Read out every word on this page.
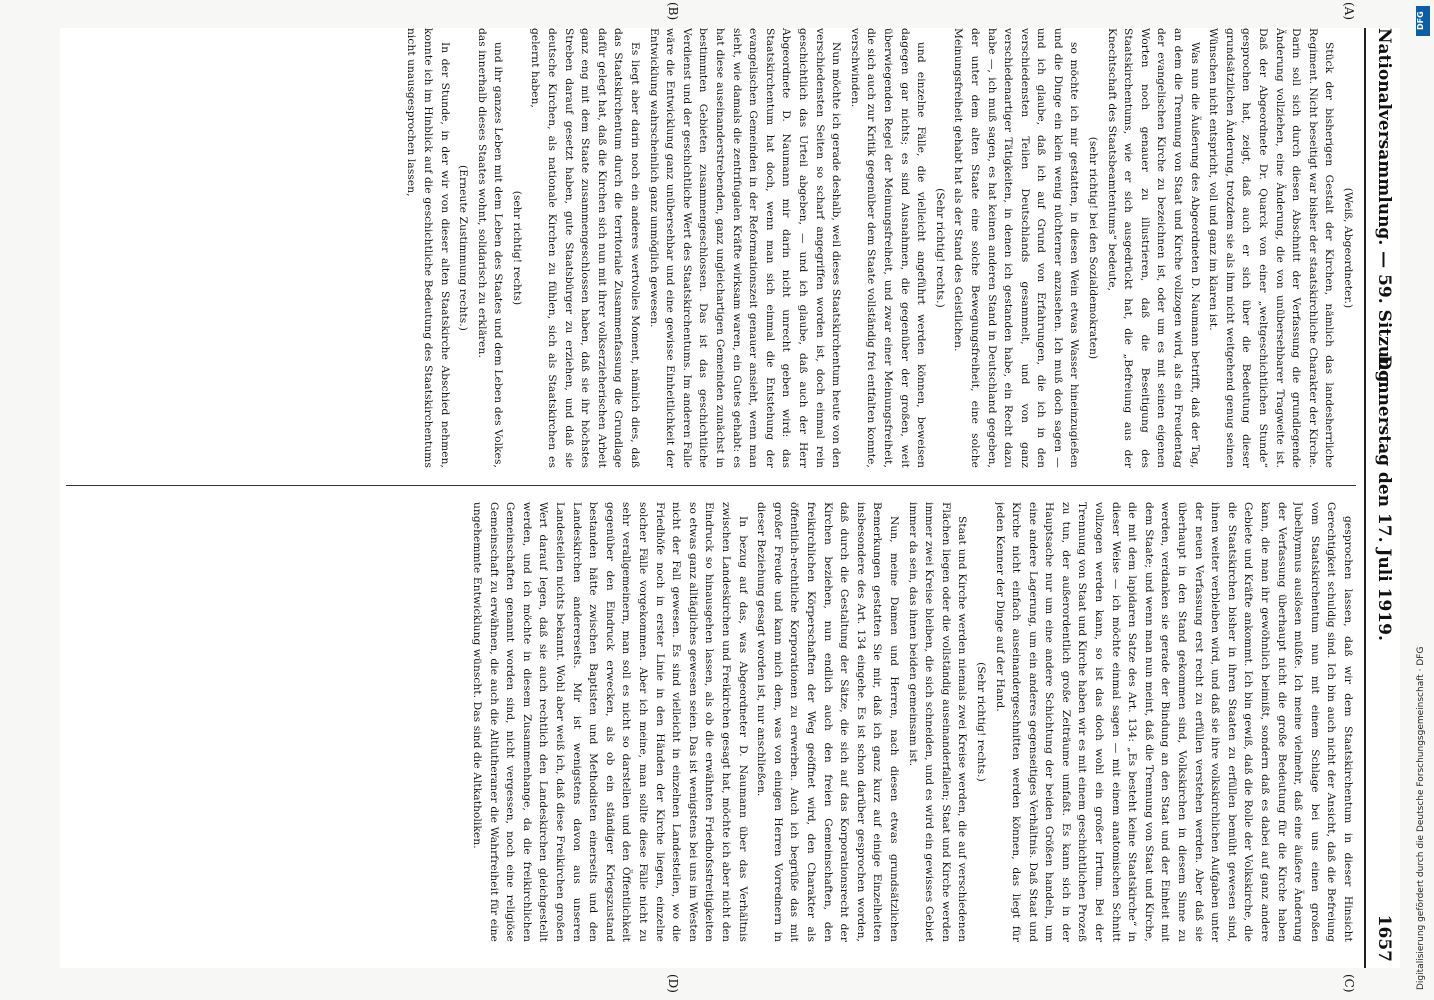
Nationalversammlung. — 59. Sitzung.
Donnerstag den 17. Juli 1919.
1657

(Weiß, Abgeordneter.)

Stück der bisherigen Gestalt der Kirchen, nämlich das landesherrliche Regiment. Nicht beseitigt war bisher der staatskirchliche Charakter der Kirche. Darin soll sich durch diesen Abschnitt der Verfassung die grundlegende Änderung vollziehen, eine Änderung, die von unübersehbarer Tragweite ist. Daß der Abgeordnete Dr. Quarck von einer „weltgeschichtlichen Stunde“ gesprochen hat, zeigt, daß auch er sich über die Bedeutung dieser grundsätzlichen Änderung, trotzdem sie als ihm nicht weitgehend genug seinen Wünschen nicht entspricht, voll und ganz im klaren ist.

Was nun die Äußerung des Abgeordneten D. Naumann betrifft, daß der Tag, an dem die Trennung von Staat und Kirche vollzogen wird, als ein Freudentag der evangelischen Kirche zu bezeichnen ist, oder um es mit seinen eigenen Worten noch genauer zu illustrieren, daß die Beseitigung des Staatskirchentums, wie er sich ausgedrückt hat, die „Befreiung aus der Knechtschaft des Staatsbeamtentums“ bedeute,

(sehr richtig! bei den Sozialdemokraten)

so möchte ich mir gestatten, in diesen Wein etwas Wasser hineinzugießen und die Dinge ein klein wenig nüchterner anzusehen. Ich muß doch sagen — und ich glaube, daß ich auf Grund von Erfahrungen, die ich in den verschiedensten Teilen Deutschlands gesammelt, und von ganz verschiedenartiger Tätigkeiten, in denen ich gestanden habe, ein Recht dazu habe —, ich muß sagen, es hat keinen anderen Stand in Deutschland gegeben, der unter dem alten Staate eine solche Bewegungsfreiheit, eine solche Meinungsfreiheit gehabt hat als der Stand des Geistlichen.

(Sehr richtig! rechts.)

und einzelne Fälle, die vielleicht angeführt werden können, beweisen dagegen gar nichts; es sind Ausnahmen, die gegenüber der großen, weit überwiegenden Regel der Meinungsfreiheit, und zwar einer Meinungsfreiheit, die sich auch zur Kritik gegenüber dem Staate vollständig frei entfalten konnte, verschwinden.

Nun möchte ich gerade deshalb, weil dieses Staatskirchentum heute von den verschiedensten Seiten so scharf angegriffen worden ist, doch einmal rein geschichtlich das Urteil abgeben, — und ich glaube, daß auch der Herr Abgeordnete D. Naumann mir darin nicht unrecht geben wird: das Staatskirchentum hat doch, wenn man sich einmal die Entstehung der evangelischen Gemeinden in der Reformationszeit genauer ansieht, wenn man sieht, wie damals die zentrifugalen Kräfte wirksam waren, ein Gutes gehabt: es hat diese auseinanderstrebenden, ganz ungleichartigen Gemeinden zunächst in bestimmten Gebieten zusammengeschlossen. Das ist das geschichtliche Verdienst und der geschichtliche Wert des Staatskirchentums. Im anderen Falle wäre die Entwicklung ganz unübersehbar und eine gewisse Einheitlichkeit der Entwicklung wahrscheinlich ganz unmöglich gewesen.

Es liegt aber darin noch ein anderes wertvolles Moment, nämlich dies, daß das Staatskirchentum durch die territoriale Zusammenfassung die Grundlage dafür gelegt hat, daß die Kirchen sich nun mit ihrer volkserzieherischen Arbeit ganz eng mit dem Staate zusammengeschlossen haben, daß sie ihr höchstes Streben darauf gesetzt haben, gute Staatsbürger zu erziehen, und daß sie deutsche Kirchen, als nationale Kirchen zu fühlen, sich als Staatskirchen es gelernt haben,

(sehr richtig! rechts)

und ihr ganzes Leben mit dem Leben des Staates und dem Leben des Volkes, das innerhalb dieses Staates wohnt, solidarisch zu erklären.

(Erneute Zustimmung rechts.)

In der Stunde, in der wir von dieser alten Staatskirche Abschied nehmen, konnte ich im Hinblick auf die geschichtliche Bedeutung des Staatskirchentums nicht unausgesprochen lassen,

gesprochen lassen, daß wir dem Staatskirchentum in dieser Hinsicht Gerechtigkeit schuldig sind. Ich bin auch nicht der Ansicht, daß die Befreiung vom Staatskirchentum nun mit einem Schlage bei uns einen großen Jubelhymnus auslösen müßte. Ich meine vielmehr, daß eine äußere Änderung der Verfassung überhaupt nicht die große Bedeutung für die Kirche haben kann, die man ihr gewöhnlich beimißt, sondern daß es dabei auf ganz andere Gebiete und Kräfte ankommt. Ich bin gewiß, daß die Rolle der Volkskirche, die die Staatskirchen bisher in ihren Staaten zu erfüllen bemüht gewesen sind, ihnen weiter verbleiben wird, und daß sie ihre volkskirchlichen Aufgaben unter der neuen Verfassung erst recht zu erfüllen verstehen werden. Aber daß sie überhaupt in den Stand gekommen sind, Volkskirchen in diesem Sinne zu werden, verdanken sie gerade der Bindung an den Staat und der Einheit mit dem Staate; und wenn man nun meint, daß die Trennung von Staat und Kirche, die mit dem lapidaren Satze des Art. 134: „Es besteht keine Staatskirche“ in dieser Weise — ich möchte einmal sagen — mit einem anatomischen Schnitt vollzogen werden kann, so ist das doch wohl ein großer Irrtum. Bei der Trennung von Staat und Kirche haben wir es mit einem geschichtlichen Prozeß zu tun, der außerordentlich große Zeiträume umfaßt. Es kann sich in der Hauptsache nur um eine andere Schichtung der beiden Größen handeln, um eine andere Lagerung, um ein anderes gegenseitiges Verhältnis. Daß Staat und Kirche nicht einfach auseinandergeschnitten werden können, das liegt für jeden Kenner der Dinge auf der Hand.

(Sehr richtig! rechts.)

Staat und Kirche werden niemals zwei Kreise werden, die auf verschiedenen Flächen liegen oder die vollständig auseinanderfallen; Staat und Kirche werden immer zwei Kreise bleiben, die sich schneiden, und es wird ein gewisses Gebiet immer da sein, das ihnen beiden gemeinsam ist.

Nun, meine Damen und Herren, nach diesen etwas grundsätzlichen Bemerkungen gestatten Sie mir, daß ich ganz kurz auf einige Einzelheiten insbesondere des Art. 134 eingehe. Es ist schon darüber gesprochen worden, daß durch die Gestaltung der Sätze, die sich auf das Korporationsrecht der Kirchen beziehen, nun endlich auch den freien Gemeinschaften, den freikirchlichen Körperschaften der Weg geöffnet wird, den Charakter als öffentlich-rechtliche Korporationen zu erwerben. Auch ich begrüße das mit großer Freude und kann mich dem, was von einigen Herren Vorrednern in dieser Beziehung gesagt worden ist, nur anschließen.

In bezug auf das, was Abgeordneter D. Naumann über das Verhältnis zwischen Landeskirchen und Freikirchen gesagt hat, möchte ich aber nicht den Eindruck so hinausgehen lassen, als ob die erwähnten Friedhofsstreitigkeiten so etwas ganz alltägliches gewesen seien. Das ist wenigstens bei uns im Westen nicht der Fall gewesen. Es sind vielleicht in einzelnen Landesteilen, wo die Friedhöfe noch in erster Linie in den Händen der Kirche liegen, einzelne solcher Fälle vorgekommen. Aber ich meine, man sollte diese Fälle nicht zu sehr verallgemeinern, man soll es nicht so darstellen und den Öffentlichkeit gegenüber den Eindruck erwecken, als ob ein ständiger Kriegszustand bestanden hätte zwischen Baptisten und Methodisten einerseits und den Landeskirchen andererseits. Mir ist wenigstens davon aus unseren Landesteilen nichts bekannt. Wohl aber weiß ich, daß diese Freikirchen großen Wert darauf legen, daß sie auch rechtlich den Landeskirchen gleichgestellt werden, und ich möchte in diesem Zusammenhange, da die freikirchlichen Gemeinschaften genannt worden sind, nicht vergessen, noch eine religiöse Gemeinschaft zu erwähnen, die auch die Altlutheraner die Wahrfreiheit für eine ungehemmte Entwicklung wünscht. Das sind die Altkatholiken.

(A)
(B)
(C)
(D)	Digitalisierung gefördert durch die Deutsche Forschungsgemeinschaft · DFG
DFG
